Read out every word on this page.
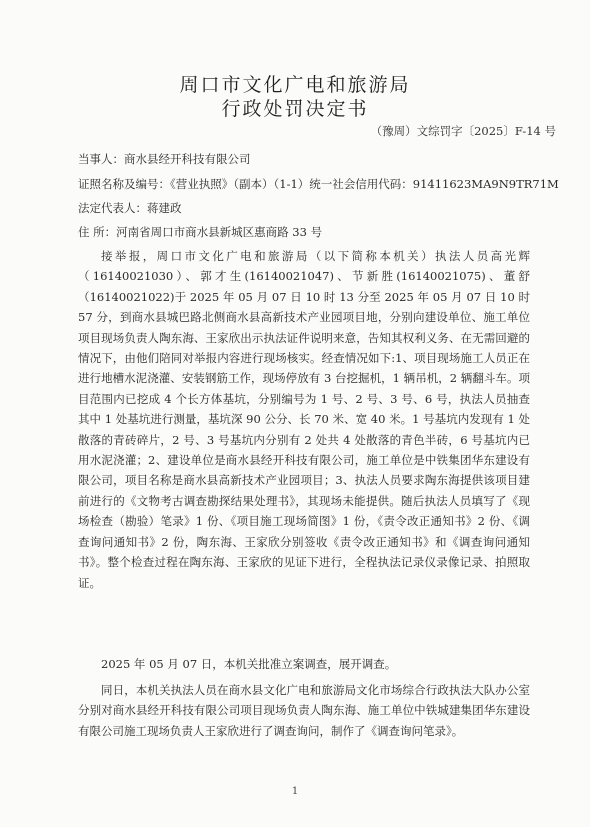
周口市文化广电和旅游局
行政处罚决定书
（豫周）文综罚字〔2025〕F-14 号
当事人：商水县经开科技有限公司
证照名称及编号：《营业执照》（副本）（1-1）统一社会信用代码：91411623MA9N9TR71M
法定代表人：蒋建政
住 所：河南省周口市商水县新城区惠商路 33 号
接举报，周口市文化广电和旅游局（以下简称本机关）执法人员高光辉（16140021030）、郭才生(16140021047)、节新胜(16140021075)、董舒（16140021022)于 2025 年 05 月 07 日 10 时 13 分至 2025 年 05 月 07 日 10 时 57 分，到商水县城巴路北侧商水县高新技术产业园项目地，分别向建设单位、施工单位项目现场负责人陶东海、王家欣出示执法证件说明来意，告知其权利义务、在无需回避的情况下，由他们陪同对举报内容进行现场核实。经查情况如下:1、项目现场施工人员正在进行地槽水泥浇灌、安装钢筋工作，现场停放有 3 台挖掘机，1 辆吊机，2 辆翻斗车。项目范围内已挖成 4 个长方体基坑，分别编号为 1 号、2 号、3 号、6 号，执法人员抽查其中 1 处基坑进行测量，基坑深 90 公分、长 70 米、宽 40 米。1 号基坑内发现有 1 处散落的青砖碎片，2 号、3 号基坑内分别有 2 处共 4 处散落的青色半砖，6 号基坑内已用水泥浇灌；2、建设单位是商水县经开科技有限公司，施工单位是中铁集团华东建设有限公司，项目名称是商水县高新技术产业园项目；3、执法人员要求陶东海提供该项目建前进行的《文物考古调查勘探结果处理书》，其现场未能提供。随后执法人员填写了《现场检查（勘验）笔录》1 份、《项目施工现场简图》1 份，《责令改正通知书》2 份、《调查询问通知书》2 份，陶东海、王家欣分别签收《责令改正通知书》和《调查询问通知书》。整个检查过程在陶东海、王家欣的见证下进行，全程执法记录仪录像记录、拍照取证。
2025 年 05 月 07 日，本机关批准立案调查，展开调查。
同日，本机关执法人员在商水县文化广电和旅游局文化市场综合行政执法大队办公室分别对商水县经开科技有限公司项目现场负责人陶东海、施工单位中铁城建集团华东建设有限公司施工现场负责人王家欣进行了调查询问，制作了《调查询问笔录》。
1
